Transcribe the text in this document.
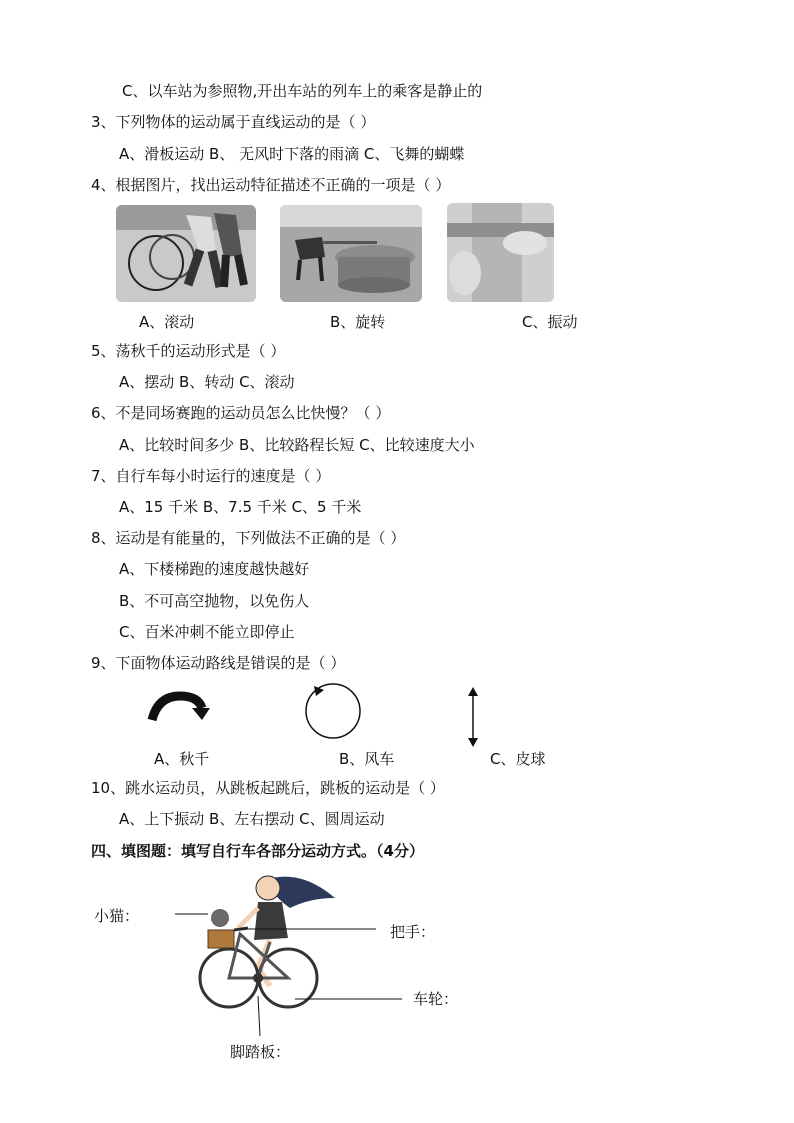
C、以车站为参照物,开出车站的列车上的乘客是静止的
3、下列物体的运动属于直线运动的是（ ）
A、滑板运动 B、 无风时下落的雨滴 C、飞舞的蝴蝶
4、根据图片，找出运动特征描述不正确的一项是（ ）
A、滚动	B、旋转	C、振动
5、荡秋千的运动形式是（ ）
A、摆动 B、转动 C、滚动
6、不是同场赛跑的运动员怎么比快慢？（ ）
A、比较时间多少 B、比较路程长短 C、比较速度大小
7、自行车每小时运行的速度是（ ）
A、15 千米 B、7.5 千米 C、5 千米
8、运动是有能量的，下列做法不正确的是（ ）
A、下楼梯跑的速度越快越好
B、不可高空抛物，以免伤人
C、百米冲刺不能立即停止
9、下面物体运动路线是错误的是（ ）
A、秋千	B、风车	C、皮球
10、跳水运动员，从跳板起跳后，跳板的运动是（ ）
A、上下振动 B、左右摆动 C、圆周运动
四、填图题：填写自行车各部分运动方式。（4分）
小猫：
把手：
车轮：
脚踏板：
